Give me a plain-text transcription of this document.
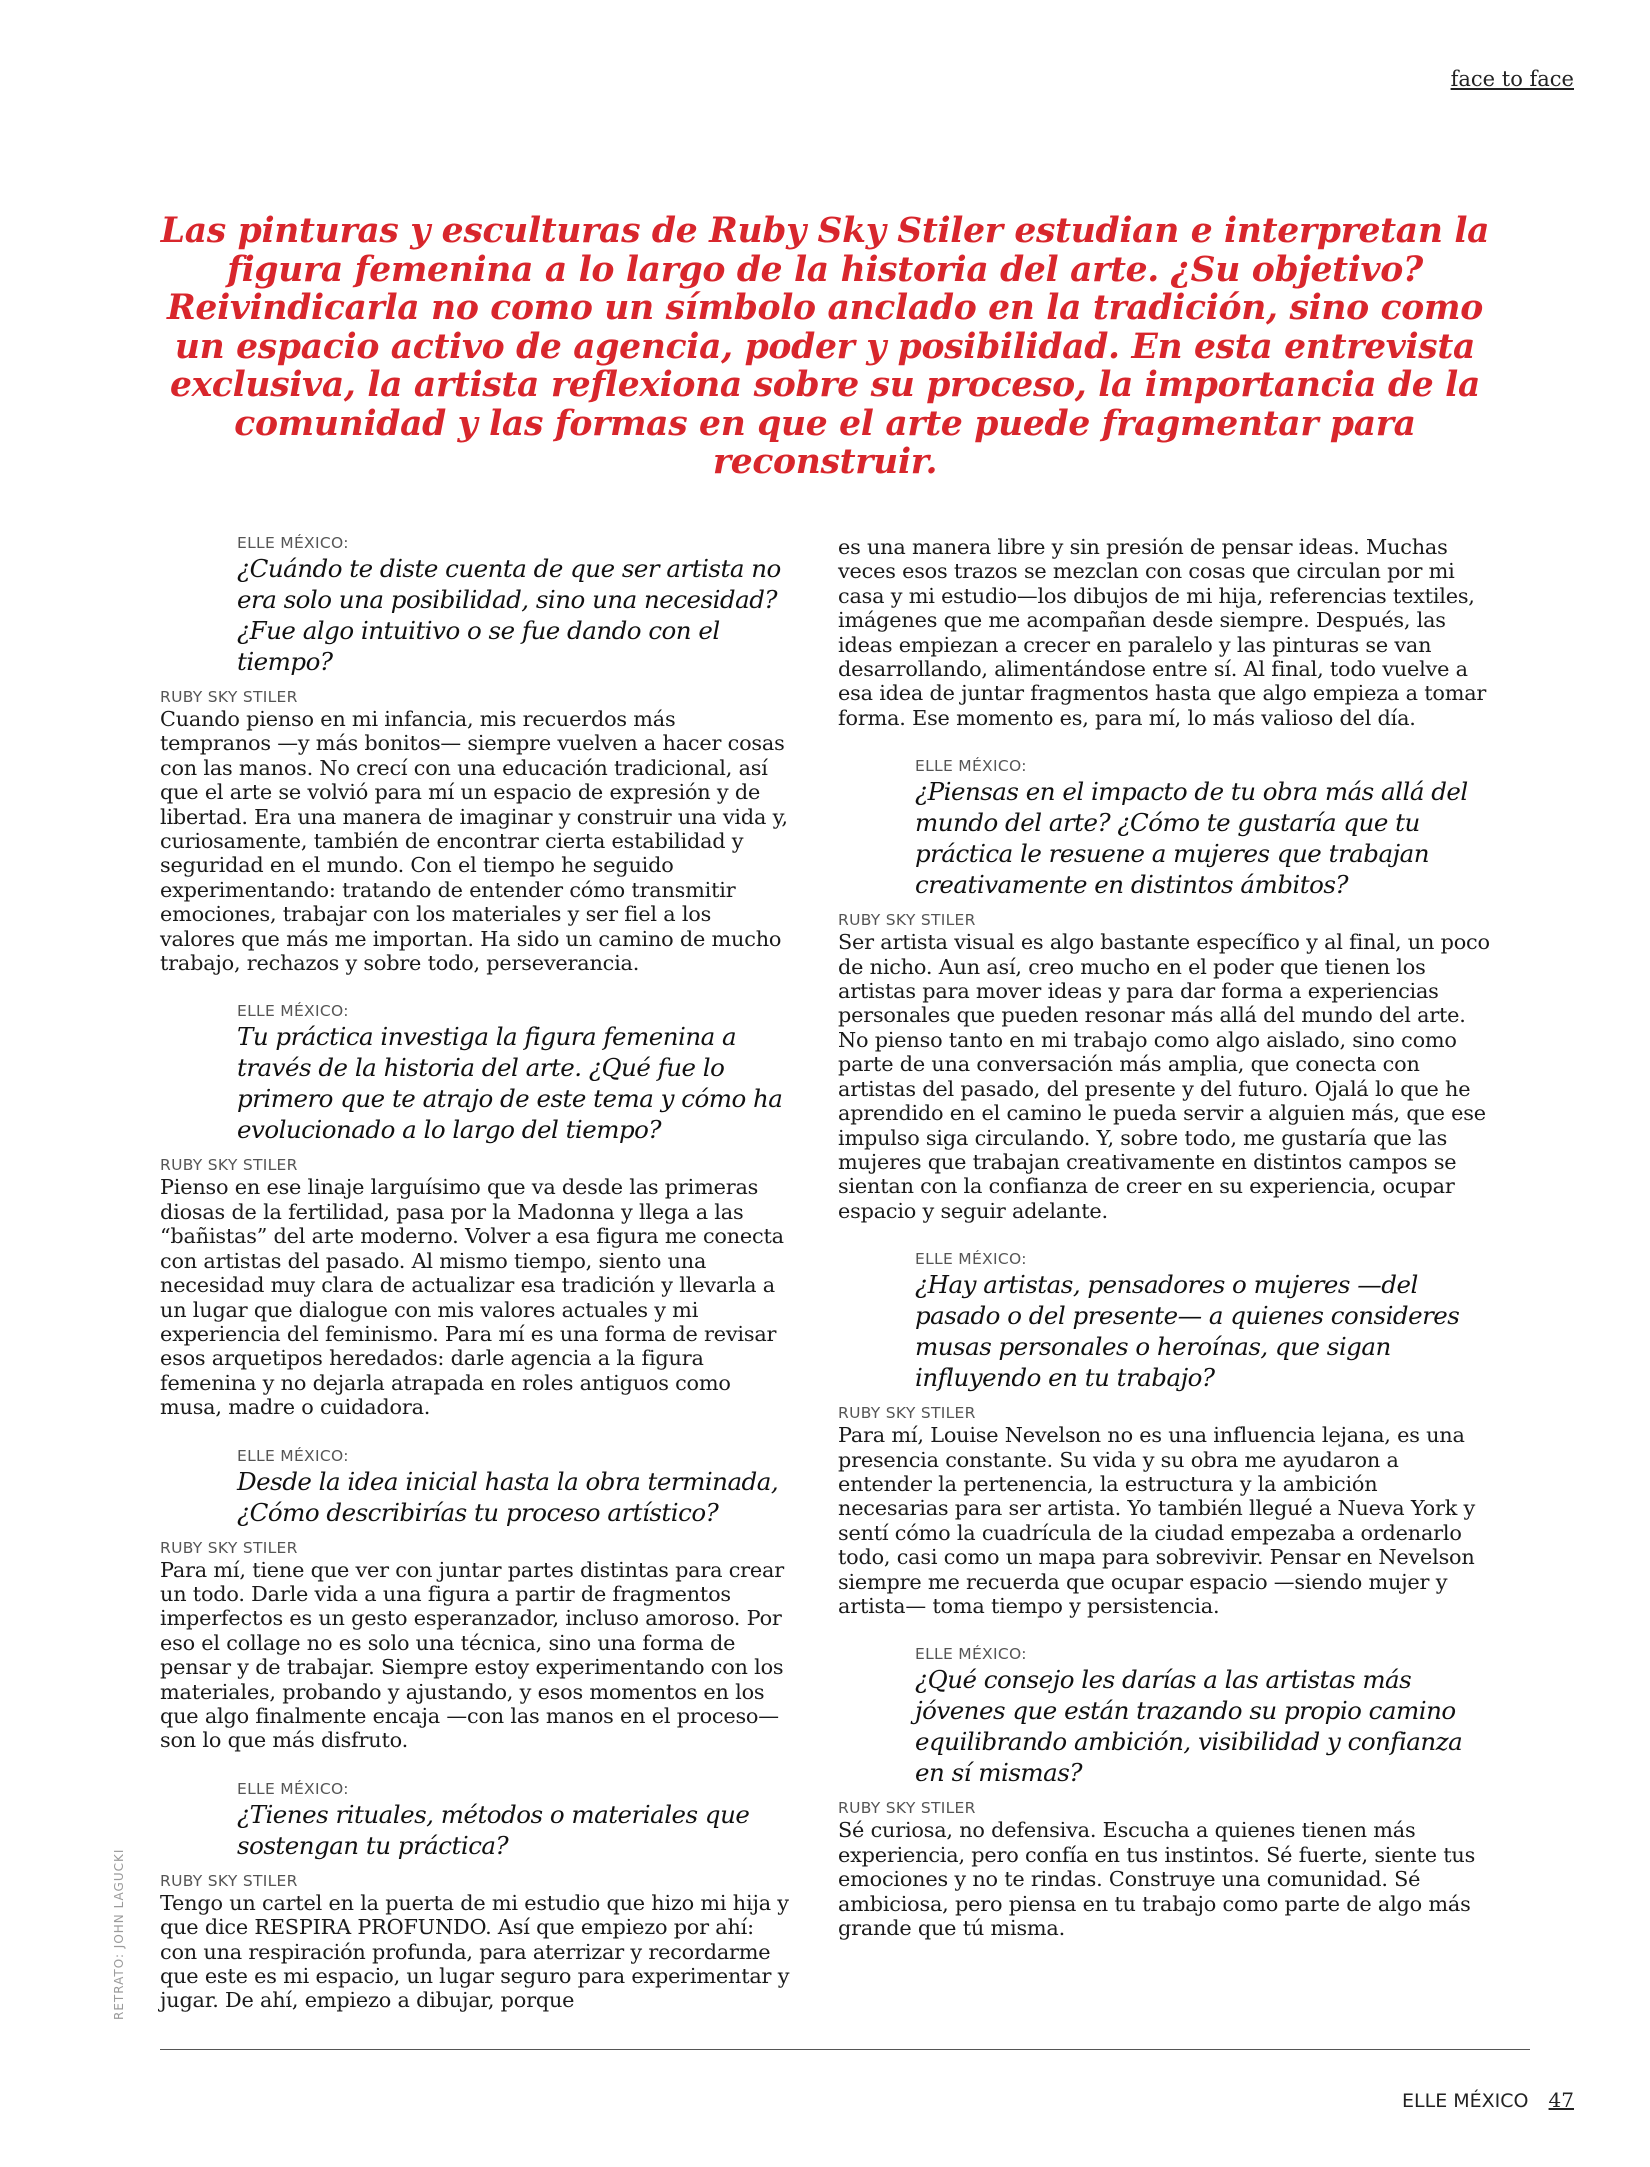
face to face

Las pinturas y esculturas de Ruby Sky Stiler estudian e interpretan la figura femenina a lo largo de la historia del arte. ¿Su objetivo? Reivindicarla no como un símbolo anclado en la tradición, sino como un espacio activo de agencia, poder y posibilidad. En esta entrevista exclusiva, la artista reflexiona sobre su proceso, la importancia de la comunidad y las formas en que el arte puede fragmentar para reconstruir.

ELLE MÉXICO:

¿Cuándo te diste cuenta de que ser artista no era solo una posibilidad, sino una necesidad? ¿Fue algo intuitivo o se fue dando con el tiempo?

RUBY SKY STILER

Cuando pienso en mi infancia, mis recuerdos más tempranos —y más bonitos— siempre vuelven a hacer cosas con las manos. No crecí con una educación tradicional, así que el arte se volvió para mí un espacio de expresión y de libertad. Era una manera de imaginar y construir una vida y, curiosamente, también de encontrar cierta estabilidad y seguridad en el mundo. Con el tiempo he seguido experimentando: tratando de entender cómo transmitir emociones, trabajar con los materiales y ser fiel a los valores que más me importan. Ha sido un camino de mucho trabajo, rechazos y sobre todo, perseverancia.

ELLE MÉXICO:

Tu práctica investiga la figura femenina a través de la historia del arte. ¿Qué fue lo primero que te atrajo de este tema y cómo ha evolucionado a lo largo del tiempo?

RUBY SKY STILER

Pienso en ese linaje larguísimo que va desde las primeras diosas de la fertilidad, pasa por la Madonna y llega a las “bañistas” del arte moderno. Volver a esa figura me conecta con artistas del pasado. Al mismo tiempo, siento una necesidad muy clara de actualizar esa tradición y llevarla a un lugar que dialogue con mis valores actuales y mi experiencia del feminismo. Para mí es una forma de revisar esos arquetipos heredados: darle agencia a la figura femenina y no dejarla atrapada en roles antiguos como musa, madre o cuidadora.

ELLE MÉXICO:

Desde la idea inicial hasta la obra terminada, ¿Cómo describirías tu proceso artístico?

RUBY SKY STILER

Para mí, tiene que ver con juntar partes distintas para crear un todo. Darle vida a una figura a partir de fragmentos imperfectos es un gesto esperanzador, incluso amoroso. Por eso el collage no es solo una técnica, sino una forma de pensar y de trabajar. Siempre estoy experimentando con los materiales, probando y ajustando, y esos momentos en los que algo finalmente encaja —con las manos en el proceso— son lo que más disfruto.

ELLE MÉXICO:

¿Tienes rituales, métodos o materiales que sostengan tu práctica?

RUBY SKY STILER

Tengo un cartel en la puerta de mi estudio que hizo mi hija y que dice RESPIRA PROFUNDO. Así que empiezo por ahí: con una respiración profunda, para aterrizar y recordarme que este es mi espacio, un lugar seguro para experimentar y jugar. De ahí, empiezo a dibujar, porque

es una manera libre y sin presión de pensar ideas. Muchas veces esos trazos se mezclan con cosas que circulan por mi casa y mi estudio—los dibujos de mi hija, referencias textiles, imágenes que me acompañan desde siempre. Después, las ideas empiezan a crecer en paralelo y las pinturas se van desarrollando, alimentándose entre sí. Al final, todo vuelve a esa idea de juntar fragmentos hasta que algo empieza a tomar forma. Ese momento es, para mí, lo más valioso del día.

ELLE MÉXICO:

¿Piensas en el impacto de tu obra más allá del mundo del arte? ¿Cómo te gustaría que tu práctica le resuene a mujeres que trabajan creativamente en distintos ámbitos?

RUBY SKY STILER

Ser artista visual es algo bastante específico y al final, un poco de nicho. Aun así, creo mucho en el poder que tienen los artistas para mover ideas y para dar forma a experiencias personales que pueden resonar más allá del mundo del arte. No pienso tanto en mi trabajo como algo aislado, sino como parte de una conversación más amplia, que conecta con artistas del pasado, del presente y del futuro. Ojalá lo que he aprendido en el camino le pueda servir a alguien más, que ese impulso siga circulando. Y, sobre todo, me gustaría que las mujeres que trabajan creativamente en distintos campos se sientan con la confianza de creer en su experiencia, ocupar espacio y seguir adelante.

ELLE MÉXICO:

¿Hay artistas, pensadores o mujeres —del pasado o del presente— a quienes consideres musas personales o heroínas, que sigan influyendo en tu trabajo?

RUBY SKY STILER

Para mí, Louise Nevelson no es una influencia lejana, es una presencia constante. Su vida y su obra me ayudaron a entender la pertenencia, la estructura y la ambición necesarias para ser artista. Yo también llegué a Nueva York y sentí cómo la cuadrícula de la ciudad empezaba a ordenarlo todo, casi como un mapa para sobrevivir. Pensar en Nevelson siempre me recuerda que ocupar espacio —siendo mujer y artista— toma tiempo y persistencia.

ELLE MÉXICO:

¿Qué consejo les darías a las artistas más jóvenes que están trazando su propio camino equilibrando ambición, visibilidad y confianza en sí mismas?

RUBY SKY STILER

Sé curiosa, no defensiva. Escucha a quienes tienen más experiencia, pero confía en tus instintos. Sé fuerte, siente tus emociones y no te rindas. Construye una comunidad. Sé ambiciosa, pero piensa en tu trabajo como parte de algo más grande que tú misma.

RETRATO: JOHN LAGUCKI
ELLE MÉXICO 47
